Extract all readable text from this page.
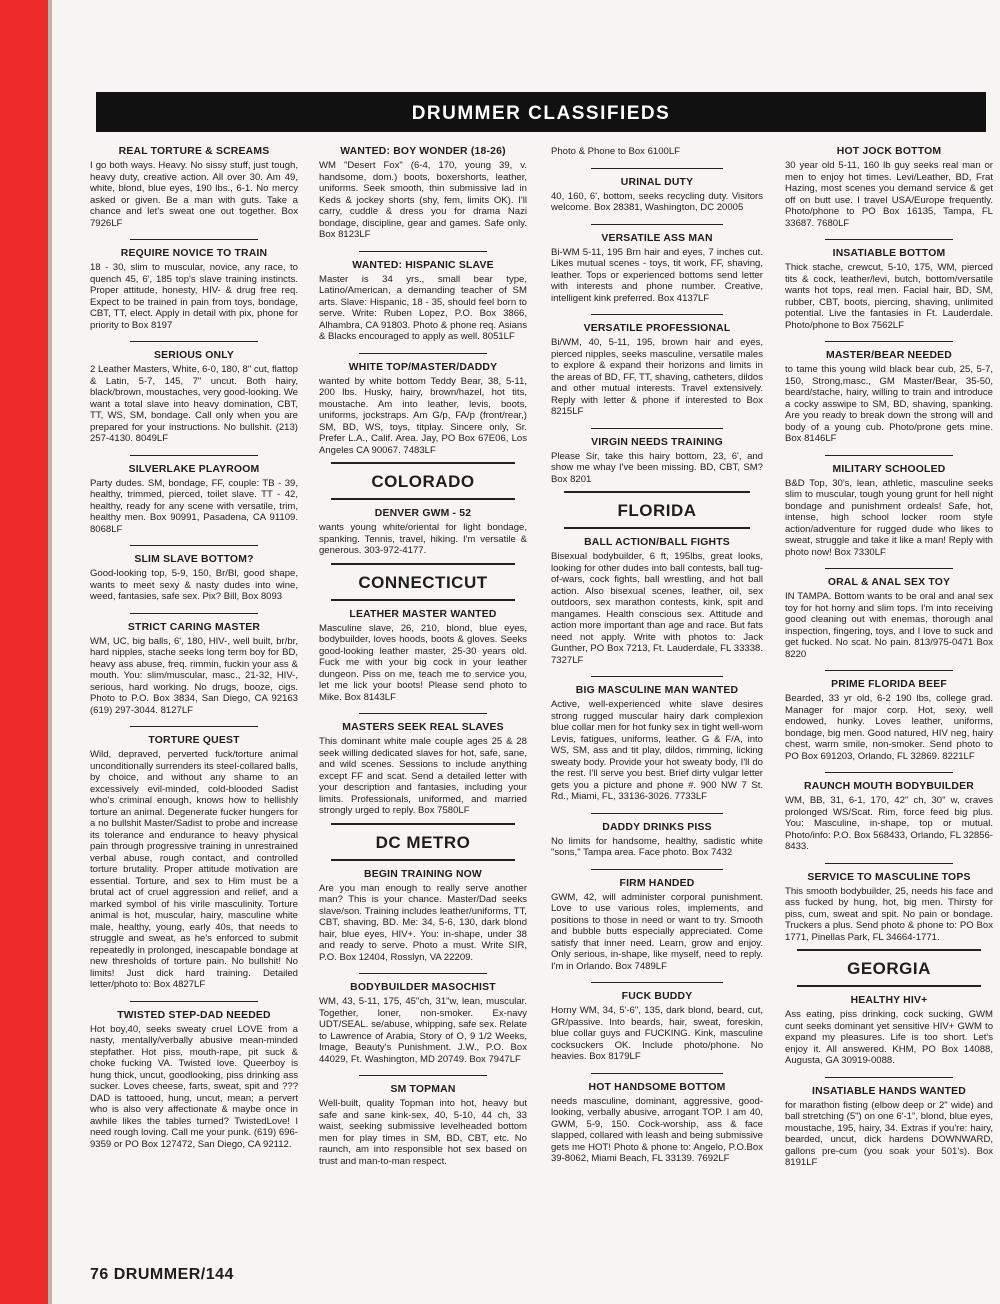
DRUMMER CLASSIFIEDS
REAL TORTURE & SCREAMS

I go both ways. Heavy. No sissy stuff, just tough, heavy duty, creative action. All over 30. Am 49, white, blond, blue eyes, 190 lbs., 6-1. No mercy asked or given. Be a man with guts. Take a chance and let's sweat one out together. Box 7926LF

REQUIRE NOVICE TO TRAIN

18 - 30, slim to muscular, novice, any race, to quench 45, 6', 185 top's slave training instincts. Proper attitude, honesty, HIV- & drug free req. Expect to be trained in pain from toys, bondage, CBT, TT, elect. Apply in detail with pix, phone for priority to Box 8197

SERIOUS ONLY

2 Leather Masters, White, 6-0, 180, 8" cut, flattop & Latin, 5-7, 145, 7" uncut. Both hairy, black/brown, moustaches, very good-looking. We want a total slave into heavy domination, CBT, TT, WS, SM, bondage. Call only when you are prepared for your instructions. No bullshit. (213) 257-4130. 8049LF

SILVERLAKE PLAYROOM

Party dudes. SM, bondage, FF, couple: TB - 39, healthy, trimmed, pierced, toilet slave. TT - 42, healthy, ready for any scene with versatile, trim, healthy men. Box 90991, Pasadena, CA 91109. 8068LF

SLIM SLAVE BOTTOM?

Good-looking top, 5-9, 150, Br/Bl, good shape, wants to meet sexy & nasty dudes into wine, weed, fantasies, safe sex. Pix? Bill, Box 8093

STRICT CARING MASTER

WM, UC, big balls, 6', 180, HIV-, well built, br/br, hard nipples, stache seeks long term boy for BD, heavy ass abuse, freq. rimmin, fuckin your ass & mouth. You: slim/muscular, masc., 21-32, HIV-, serious, hard working. No drugs, booze, cigs. Photo to P.O. Box 3834, San Diego, CA 92163 (619) 297-3044. 8127LF

TORTURE QUEST

Wild, depraved, perverted fuck/torture animal unconditionally surrenders its steel-collared balls, by choice, and without any shame to an excessively evil-minded, cold-blooded Sadist who's criminal enough, knows how to hellishly torture an animal. Degenerate fucker hungers for a no bullshit Master/Sadist to probe and increase its tolerance and endurance to heavy physical pain through progressive training in unrestrained verbal abuse, rough contact, and controlled torture brutality. Proper attitude motivation are essential. Torture, and sex to Him must be a brutal act of cruel aggression and relief, and a marked symbol of his virile masculinity. Torture animal is hot, muscular, hairy, masculine white male, healthy, young, early 40s, that needs to struggle and sweat, as he's enforced to submit repeatedly in prolonged, inescapable bondage at new thresholds of torture pain. No bullshit! No limits! Just dick hard training. Detailed letter/photo to: Box 4827LF

TWISTED STEP-DAD NEEDED

Hot boy,40, seeks sweaty cruel LOVE from a nasty, mentally/verbally abusive mean-minded stepfather. Hot piss, mouth-rape, pit suck & choke fucking VA. Twisted love. Queerboy is hung thick, uncut, goodlooking, piss drinking ass sucker. Loves cheese, farts, sweat, spit and ??? DAD is tattooed, hung, uncut, mean; a pervert who is also very affectionate & maybe once in awhile likes the tables turned? TwistedLove! I need rough loving. Call me your punk. (619) 696-9359 or PO Box 127472, San Diego, CA 92112.

WANTED: BOY WONDER (18-26)

WM "Desert Fox" (6-4, 170, young 39, v. handsome, dom.) boots, boxershorts, leather, uniforms. Seek smooth, thin submissive lad in Keds & jockey shorts (shy, fem, limits OK). I'll carry, cuddle & dress you for drama Nazi bondage, discipline, gear and games. Safe only. Box 8123LF

WANTED: HISPANIC SLAVE

Master is 34 yrs., small bear type, Latino/American, a demanding teacher of SM arts. Slave: Hispanic, 18 - 35, should feel born to serve. Write: Ruben Lopez, P.O. Box 3866, Alhambra, CA 91803. Photo & phone req. Asians & Blacks encouraged to apply as well. 8051LF

WHITE TOP/MASTER/DADDY

wanted by white bottom Teddy Bear, 38, 5-11, 200 lbs. Husky, hairy, brown/hazel, hot tits, moustache. Am into leather, levis, boots, uniforms, jockstraps. Am G/p, FA/p (front/rear,) SM, BD, WS, toys, titplay. Sincere only, Sr. Prefer L.A., Calif. Area. Jay, PO Box 67E06, Los Angeles CA 90067. 7483LF

COLORADO
DENVER GWM - 52

wants young white/oriental for light bondage, spanking. Tennis, travel, hiking. I'm versatile & generous. 303-972-4177.

CONNECTICUT
LEATHER MASTER WANTED

Masculine slave, 26, 210, blond, blue eyes, bodybuilder, loves hoods, boots & gloves. Seeks good-looking leather master, 25-30 years old. Fuck me with your big cock in your leather dungeon. Piss on me, teach me to service you, let me lick your boots! Please send photo to Mike. Box 8143LF

MASTERS SEEK REAL SLAVES

This dominant white male couple ages 25 & 28 seek willing dedicated slaves for hot, safe, sane, and wild scenes. Sessions to include anything except FF and scat. Send a detailed letter with your description and fantasies, including your limits. Professionals, uniformed, and married strongly urged to reply. Box 7580LF

DC METRO
BEGIN TRAINING NOW

Are you man enough to really serve another man? This is your chance. Master/Dad seeks slave/son. Training includes leather/uniforms, TT, CBT, shaving, BD. Me: 34, 5-6, 130, dark blond hair, blue eyes, HIV+. You: in-shape, under 38 and ready to serve. Photo a must. Write SIR, P.O. Box 12404, Rosslyn, VA 22209.

BODYBUILDER MASOCHIST

WM, 43, 5-11, 175, 45"ch, 31"w, lean, muscular. Together, loner, non-smoker. Ex-navy UDT/SEAL. se/abuse, whipping, safe sex. Relate to Lawrence of Arabia, Story of O, 9 1/2 Weeks, Image, Beauty's Punishment. J.W., P.O. Box 44029, Ft. Washington, MD 20749. Box 7947LF

SM TOPMAN

Well-built, quality Topman into hot, heavy but safe and sane kink-sex, 40, 5-10, 44 ch, 33 waist, seeking submissive levelheaded bottom men for play times in SM, BD, CBT, etc. No raunch, am into responsible hot sex based on trust and man-to-man respect.

Photo & Phone to Box 6100LF

URINAL DUTY

40, 160, 6', bottom, seeks recycling duty. Visitors welcome. Box 28381, Washington, DC 20005

VERSATILE ASS MAN

Bi-WM 5-11, 195 Brn hair and eyes, 7 inches cut. Likes mutual scenes - toys, tit work, FF, shaving, leather. Tops or experienced bottoms send letter with interests and phone number. Creative, intelligent kink preferred. Box 4137LF

VERSATILE PROFESSIONAL

Bi/WM, 40, 5-11, 195, brown hair and eyes, pierced nipples, seeks masculine, versatile males to explore & expand their horizons and limits in the areas of BD, FF, TT, shaving, catheters, dildos and other mutual interests. Travel extensively. Reply with letter & phone if interested to Box 8215LF

VIRGIN NEEDS TRAINING

Please Sir, take this hairy bottom, 23, 6', and show me whay I've been missing. BD, CBT, SM? Box 8201

FLORIDA
BALL ACTION/BALL FIGHTS

Bisexual bodybuilder, 6 ft, 195lbs, great looks, looking for other dudes into ball contests, ball tug-of-wars, cock fights, ball wrestling, and hot ball action. Also bisexual scenes, leather, oil, sex outdoors, sex marathon contests, kink, spit and mangames. Health conscious sex. Attitude and action more important than age and race. But fats need not apply. Write with photos to: Jack Gunther, PO Box 7213, Ft. Lauderdale, FL 33338. 7327LF

BIG MASCULINE MAN WANTED

Active, well-experienced white slave desires strong rugged muscular hairy dark complexion blue collar men for hot funky sex in tight well-worn Levis, fatigues, uniforms, leather. G & F/A, into WS, SM, ass and tit play, dildos, rimming, licking sweaty body. Provide your hot sweaty body, I'll do the rest. I'll serve you best. Brief dirty vulgar letter gets you a picture and phone #. 900 NW 7 St. Rd., Miami, FL, 33136-3026. 7733LF

DADDY DRINKS PISS

No limits for handsome, healthy, sadistic white "sons," Tampa area. Face photo. Box 7432

FIRM HANDED

GWM, 42, will administer corporal punishment. Love to use various roles, implements, and positions to those in need or want to try. Smooth and bubble butts especially appreciated. Come satisfy that inner need. Learn, grow and enjoy. Only serious, in-shape, like myself, need to reply. I'm in Orlando. Box 7489LF

FUCK BUDDY

Horny WM, 34, 5'-6", 135, dark blond, beard, cut, GR/passive. Into beards, hair, sweat, foreskin, blue collar guys and FUCKING. Kink, masculine cocksuckers OK. Include photo/phone. No heavies. Box 8179LF

HOT HANDSOME BOTTOM

needs masculine, dominant, aggressive, good-looking, verbally abusive, arrogant TOP. I am 40, GWM, 5-9, 150. Cock-worship, ass & face slapped, collared with leash and being submissive gets me HOT! Photo & phone to: Angelo, P.O.Box 39-8062, Miami Beach, FL 33139. 7692LF

HOT JOCK BOTTOM

30 year old 5-11, 160 lb guy seeks real man or men to enjoy hot times. Levi/Leather, BD, Frat Hazing, most scenes you demand service & get off on butt use. I travel USA/Europe frequently. Photo/phone to PO Box 16135, Tampa, FL 33687. 7680LF

INSATIABLE BOTTOM

Thick stache, crewcut, 5-10, 175, WM, pierced tits & cock, leather/levi, butch, bottom/versatile wants hot tops, real men. Facial hair, BD, SM, rubber, CBT, boots, piercing, shaving, unlimited potential. Live the fantasies in Ft. Lauderdale. Photo/phone to Box 7562LF

MASTER/BEAR NEEDED

to tame this young wild black bear cub, 25, 5-7, 150, Strong,masc., GM Master/Bear, 35-50, beard/stache, hairy, willing to train and introduce a cocky asswipe to SM, BD, shaving, spanking. Are you ready to break down the strong will and body of a young cub. Photo/prone gets mine. Box 8146LF

MILITARY SCHOOLED

B&D Top, 30's, lean, athletic, masculine seeks slim to muscular, tough young grunt for hell night bondage and punishment ordeals! Safe, hot, intense, high school locker room style action/adventure for rugged dude who likes to sweat, struggle and take it like a man! Reply with photo now! Box 7330LF

ORAL & ANAL SEX TOY

IN TAMPA. Bottom wants to be oral and anal sex toy for hot horny and slim tops. I'm into receiving good cleaning out with enemas, thorough anal inspection, fingering, toys, and I love to suck and get fucked. No scat. No pain. 813/975-0471 Box 8220

PRIME FLORIDA BEEF

Bearded, 33 yr old, 6-2 190 lbs, college grad. Manager for major corp. Hot, sexy, well endowed, hunky. Loves leather, uniforms, bondage, big men. Good natured, HIV neg, hairy chest, warm smile, non-smoker. Send photo to PO Box 691203, Orlando, FL 32869. 8221LF

RAUNCH MOUTH BODYBUILDER

WM, BB, 31, 6-1, 170, 42" ch, 30" w, craves prolonged WS/Scat. Rim, force feed big plus. You: Masculine, in-shape, top or mutual. Photo/info: P.O. Box 568433, Orlando, FL 32856-8433.

SERVICE TO MASCULINE TOPS

This smooth bodybuilder, 25, needs his face and ass fucked by hung, hot, big men. Thirsty for piss, cum, sweat and spit. No pain or bondage. Truckers a plus. Send photo & phone to: PO Box 1771, Pinellas Park, FL 34664-1771.

GEORGIA
HEALTHY HIV+

Ass eating, piss drinking, cock sucking, GWM cunt seeks dominant yet sensitive HIV+ GWM to expand my pleasures. Life is too short. Let's enjoy it. All answered. KHM, PO Box 14088, Augusta, GA 30919-0088.

INSATIABLE HANDS WANTED

for marathon fisting (elbow deep or 2" wide) and ball stretching (5") on one 6'-1", blond, blue eyes, moustache, 195, hairy, 34. Extras if you're: hairy, bearded, uncut, dick hardens DOWNWARD, gallons pre-cum (you soak your 501's). Box 8191LF

76 DRUMMER/144
